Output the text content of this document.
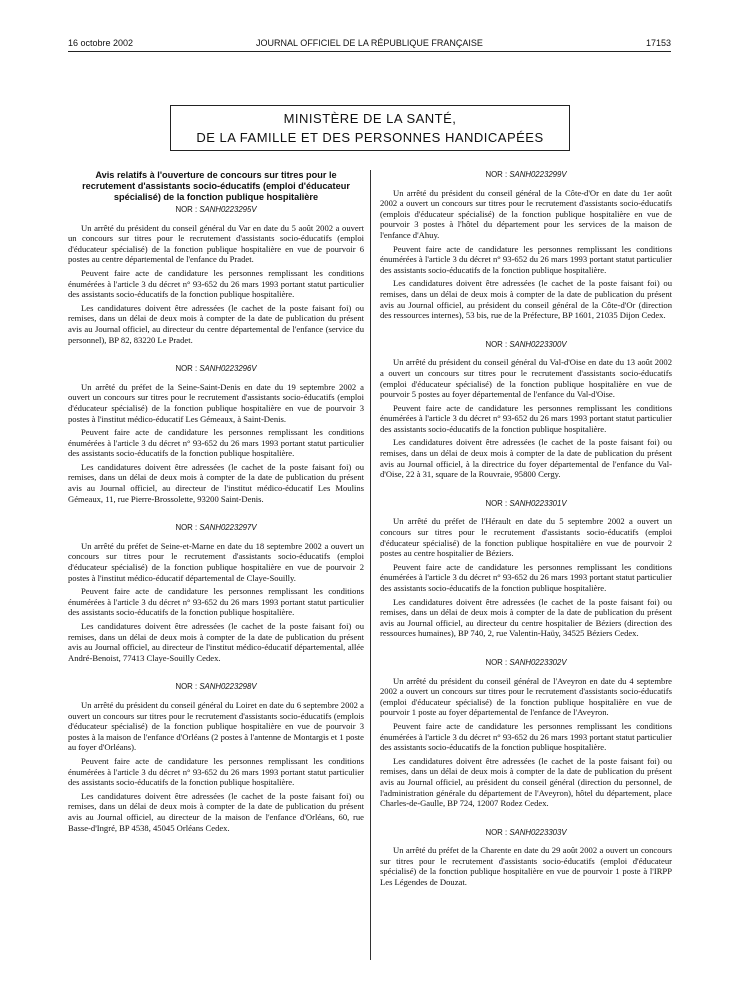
16 octobre 2002	JOURNAL OFFICIEL DE LA RÉPUBLIQUE FRANÇAISE	17153
MINISTÈRE DE LA SANTÉ,
DE LA FAMILLE ET DES PERSONNES HANDICAPÉES
Avis relatifs à l'ouverture de concours sur titres pour le recrutement d'assistants socio-éducatifs (emploi d'éducateur spécialisé) de la fonction publique hospitalière
NOR : SANH0223295V

Un arrêté du président du conseil général du Var en date du 5 août 2002 a ouvert un concours sur titres pour le recrutement d'assistants socio-éducatifs (emploi d'éducateur spécialisé) de la fonction publique hospitalière en vue de pourvoir 6 postes au centre départemental de l'enfance du Pradet.

Peuvent faire acte de candidature les personnes remplissant les conditions énumérées à l'article 3 du décret n° 93-652 du 26 mars 1993 portant statut particulier des assistants socio-éducatifs de la fonction publique hospitalière.

Les candidatures doivent être adressées (le cachet de la poste faisant foi) ou remises, dans un délai de deux mois à compter de la date de publication du présent avis au Journal officiel, au directeur du centre départemental de l'enfance (service du personnel), BP 82, 83220 Le Pradet.

NOR : SANH0223296V

Un arrêté du préfet de la Seine-Saint-Denis en date du 19 septembre 2002 a ouvert un concours sur titres pour le recrutement d'assistants socio-éducatifs (emploi d'éducateur spécialisé) de la fonction publique hospitalière en vue de pourvoir 3 postes à l'institut médico-éducatif Les Gémeaux, à Saint-Denis.

Peuvent faire acte de candidature les personnes remplissant les conditions énumérées à l'article 3 du décret n° 93-652 du 26 mars 1993 portant statut particulier des assistants socio-éducatifs de la fonction publique hospitalière.

Les candidatures doivent être adressées (le cachet de la poste faisant foi) ou remises, dans un délai de deux mois à compter de la date de publication du présent avis au Journal officiel, au directeur de l'institut médico-éducatif Les Moulins Gémeaux, 11, rue Pierre-Brossolette, 93200 Saint-Denis.

NOR : SANH0223297V

Un arrêté du préfet de Seine-et-Marne en date du 18 septembre 2002 a ouvert un concours sur titres pour le recrutement d'assistants socio-éducatifs (emploi d'éducateur spécialisé) de la fonction publique hospitalière en vue de pourvoir 2 postes à l'institut médico-éducatif départemental de Claye-Souilly.

Peuvent faire acte de candidature les personnes remplissant les conditions énumérées à l'article 3 du décret n° 93-652 du 26 mars 1993 portant statut particulier des assistants socio-éducatifs de la fonction publique hospitalière.

Les candidatures doivent être adressées (le cachet de la poste faisant foi) ou remises, dans un délai de deux mois à compter de la date de publication du présent avis au Journal officiel, au directeur de l'institut médico-éducatif départemental, allée André-Benoist, 77413 Claye-Souilly Cedex.

NOR : SANH0223298V

Un arrêté du président du conseil général du Loiret en date du 6 septembre 2002 a ouvert un concours sur titres pour le recrutement d'assistants socio-éducatifs (emplois d'éducateur spécialisé) de la fonction publique hospitalière en vue de pourvoir 3 postes à la maison de l'enfance d'Orléans (2 postes à l'antenne de Montargis et 1 poste au foyer d'Orléans).

Peuvent faire acte de candidature les personnes remplissant les conditions énumérées à l'article 3 du décret n° 93-652 du 26 mars 1993 portant statut particulier des assistants socio-éducatifs de la fonction publique hospitalière.

Les candidatures doivent être adressées (le cachet de la poste faisant foi) ou remises, dans un délai de deux mois à compter de la date de publication du présent avis au Journal officiel, au directeur de la maison de l'enfance d'Orléans, 60, rue Basse-d'Ingré, BP 4538, 45045 Orléans Cedex.

NOR : SANH0223299V

Un arrêté du président du conseil général de la Côte-d'Or en date du 1er août 2002 a ouvert un concours sur titres pour le recrutement d'assistants socio-éducatifs (emplois d'éducateur spécialisé) de la fonction publique hospitalière en vue de pourvoir 3 postes à l'hôtel du département pour les services de la maison de l'enfance d'Ahuy.

Peuvent faire acte de candidature les personnes remplissant les conditions énumérées à l'article 3 du décret n° 93-652 du 26 mars 1993 portant statut particulier des assistants socio-éducatifs de la fonction publique hospitalière.

Les candidatures doivent être adressées (le cachet de la poste faisant foi) ou remises, dans un délai de deux mois à compter de la date de publication du présent avis au Journal officiel, au président du conseil général de la Côte-d'Or (direction des ressources internes), 53 bis, rue de la Préfecture, BP 1601, 21035 Dijon Cedex.

NOR : SANH0223300V

Un arrêté du président du conseil général du Val-d'Oise en date du 13 août 2002 a ouvert un concours sur titres pour le recrutement d'assistants socio-éducatifs (emploi d'éducateur spécialisé) de la fonction publique hospitalière en vue de pourvoir 5 postes au foyer départemental de l'enfance du Val-d'Oise.

Peuvent faire acte de candidature les personnes remplissant les conditions énumérées à l'article 3 du décret n° 93-652 du 26 mars 1993 portant statut particulier des assistants socio-éducatifs de la fonction publique hospitalière.

Les candidatures doivent être adressées (le cachet de la poste faisant foi) ou remises, dans un délai de deux mois à compter de la date de publication du présent avis au Journal officiel, à la directrice du foyer départemental de l'enfance du Val-d'Oise, 22 à 31, square de la Rouvraie, 95800 Cergy.

NOR : SANH0223301V

Un arrêté du préfet de l'Hérault en date du 5 septembre 2002 a ouvert un concours sur titres pour le recrutement d'assistants socio-éducatifs (emploi d'éducateur spécialisé) de la fonction publique hospitalière en vue de pourvoir 2 postes au centre hospitalier de Béziers.

Peuvent faire acte de candidature les personnes remplissant les conditions énumérées à l'article 3 du décret n° 93-652 du 26 mars 1993 portant statut particulier des assistants socio-éducatifs de la fonction publique hospitalière.

Les candidatures doivent être adressées (le cachet de la poste faisant foi) ou remises, dans un délai de deux mois à compter de la date de publication du présent avis au Journal officiel, au directeur du centre hospitalier de Béziers (direction des ressources humaines), BP 740, 2, rue Valentin-Haüy, 34525 Béziers Cedex.

NOR : SANH0223302V

Un arrêté du président du conseil général de l'Aveyron en date du 4 septembre 2002 a ouvert un concours sur titres pour le recrutement d'assistants socio-éducatifs (emploi d'éducateur spécialisé) de la fonction publique hospitalière en vue de pourvoir 1 poste au foyer départemental de l'enfance de l'Aveyron.

Peuvent faire acte de candidature les personnes remplissant les conditions énumérées à l'article 3 du décret n° 93-652 du 26 mars 1993 portant statut particulier des assistants socio-éducatifs de la fonction publique hospitalière.

Les candidatures doivent être adressées (le cachet de la poste faisant foi) ou remises, dans un délai de deux mois à compter de la date de publication du présent avis au Journal officiel, au président du conseil général (direction du personnel, de l'administration générale du département de l'Aveyron), hôtel du département, place Charles-de-Gaulle, BP 724, 12007 Rodez Cedex.

NOR : SANH0223303V

Un arrêté du préfet de la Charente en date du 29 août 2002 a ouvert un concours sur titres pour le recrutement d'assistants socio-éducatifs (emploi d'éducateur spécialisé) de la fonction publique hospitalière en vue de pourvoir 1 poste à l'IRPP Les Légendes de Douzat.
